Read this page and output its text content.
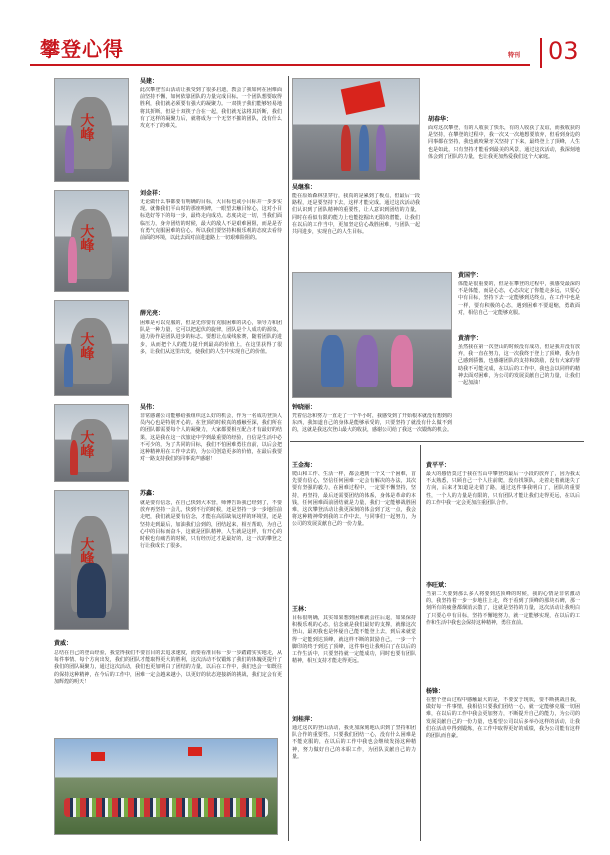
攀登心得	特刊 03
大峰
吴建：
此次攀登雪山活动让我受到了很多启迪，教会了我如何在困难面前坚持不懈，如何依靠团队的力量完成目标。一个团队想要取得胜利，我们就必须要有强大的凝聚力。一双筷子我们能够轻易地将其折断，但是十双筷子合在一起，我们就无法将其折断，我们有了这样的凝聚力后，就将成为一个无坚不摧的团队，没有什么攻克不了的难关。
大峰
刘金祥：
无论做什么事都要有明确的目标，大目标也或小目标并一步步实现。就像我们平山时的那座明碑，一眼望去触目惊心，这对小目标迭好等下的每一步，最终走向成功。态度决定一切，当我们面临压力，身旁团结的时候，最大的敌人不是艰难困阻，而是是否有勇气克服困难的信心。所以我们要坚持积极乐观的态度去看待前面的环境，以此去面对前进道路上一切艰难险阻的。
大峰
薛光亮：
困难是可以克服的，但是先你要有克服困难的决心，领导力和团队是一种力量，它可以把起伏的旋律，团队是个人成功的源泉，通力协作是团队进步的标志。要想让点成线象赛，随着团队的进步，从而把个人的能力提升到最高的价值上，在这里获得了很多，让我们从这里出发，使我们的人生中实现自己的价值。
大峰
吴伟：
非常感谢公司能够给我组织这么好的机会，作为一名成功登顶人员内心也是特别开心的。在登顶的时候真的感触至深，我们所在的团队都需要每个人的凝聚力，大家都要相互配合才有最好的结果，这是我在这一次旅途中学到最重要的经验，自信是生活中必不可少的，为了共同的目标，我们不怕困难勇往直前，以后会把这种精神用在工作中去的，为公司创造更多的价值，在最后我要对一路支持我们的同事说声感谢！
大峰
苏鑫：
就是要有信念，在自己快到大本营，师傅告诉我已经到了，不要放弃再坚持一会儿，快到不行的时候，还是坚持一步一步地往前走吧，我们就是要有信念，才能在高原缺氧这样的环境里，还是坚持走到最后，加油我们会到的，团结起来，相互帮助，为自己心中的目标而奋斗，这就是团队精神，人生就是这样，有开心的时候也有痛苦的时候，只有经历过才是最好的，这一次的攀登之行让我成长了很多。
黄威：
总结在自己的登山经验，我觉得我们不要盲目的去追求速度，而要看准目标一步一步踏踏实实地走，从每件事情、每个方向出发，我们的团队才能取得更大的胜利，这次活动不仅锻炼了我们的体魄更提升了我们的团队凝聚力，通过这次活动，我们也更加明白了团结的力量，以后在工作中，我们也会一如既往的保持这种精神，在今后的工作中，困难一定会越来越小，以更好的状态迎接新的挑战，我们定会有更加辉煌的明天！
吴继淮：
能在原始森林里穿行，我真的是累到了极点，但最后一段路程，还是要坚持下去，这样才能完成。通过这次活动我们认识到了团队精神的重要性，让人意识到团结的力量，同时在看似有限的能力上也能挖掘出无限的潜能，让我们在以后的工作当中，更加坚定信心战胜困难，与团队一起共同进步，实现自己的人生目标。
钟晓丽：
凭着信念和努力一直走了一个半小时，我感受到了开始根本就没有想到的东西，我知道自己的身体是能够承受的，只要坚持了就没有什么做不到的，这就是我这次登山最大的收获，感谢公司给了我这一次锻炼的机会。
胡春华：
面对这次攀登，有的人收获了快乐，有的人收获了友谊，而我收获的是坚持，在攀登的过程中，我一次又一次地想要放弃，但看到身边的同事都在坚持，我也就咬紧牙关坚持了下来，最终登上了顶峰，人生也是如此，只有坚持才能看到最美的风景，通过这次活动，我深刻地体会到了团队的力量，也让我更加热爱我们这个大家庭。
黄国宇：
体能是很重要的，但是在攀登的过程中，我感受最深的不是体能，而是心态，心态决定了你能走多远，只要心中有目标，坚持下去一定能够到达终点，在工作中也是一样，要有积极的心态，遇到困难不要退缩，勇敢面对，相信自己一定能够克服。
黄清宇：
虽然我在第一次登山的时候没有成功，但是我并没有放弃，我一直在努力，这一次我终于登上了顶峰，我为自己感到骄傲，也感谢团队的支持和鼓励，没有大家的帮助我不可能完成，在以后的工作中，我也会以同样的精神去面对困难，为公司的发展贡献自己的力量，让我们一起加油！
王金海：
爬山和工作、生活一样，都会遇到一个又一个困难，首先要有信心，坚信任何困难一定会有解决的办法，其次要有坚强的毅力，在困难过程中，一定要不懈坚持，坚持，再坚持，最后还需要团结的体系，身体是革命的本钱，任何困难面前团结就是力量，我们一定能够战胜困难，这次攀登活动让我更深刻的体会到了这一点，我会将这种精神带到我的工作中去，与同事们一起努力，为公司的发展贡献自己的一份力量。
王林：
目标很明确，其实如果想到困难就会往后退，如果保持积极乐观的心态，信念就是我们最好的支撑，就像这次登山，最初我也是怀疑自己能不能登上去，到后来就觉得一定能到达顶峰，就这样不断的鼓励自己，一步一个脚印的终于到达了顶峰，这件事也让我明白了在以后的工作生活中，只要坚持就一定能成功，同时也要有团队精神，相互支持才能走得更远。
刘桂萍：
通过这次的登山活动，我更加深刻地认识到了坚持和团队合作的重要性，只要我们团结一心，没有什么困难是不能克服的，在以后的工作中我也会继续发扬这种精神，努力做好自己的本职工作，为团队贡献自己的力量。
黄平平：
最大的感悟莫过于我在雪山中攀登的最后一小段的放弃了，因为我太不太熟悉，只顾自己一个人往前爬，没有找领队，走着走着就迷失了方向，后来才知道是走错了路，通过这件事我明白了，团队的重要性，一个人的力量是有限的，只有团队才能让我们走得更远，在以后的工作中我一定会更加注重团队合作。
李旺斌：
当第二天要到那么多人将要到达顶峰的时候，我的心情是非常激动的，我坚持着一步一步地往上走，终于看到了顶峰的那块石碑，那一刻所有的疲惫都烟消云散了，这就是坚持的力量，这次活动让我明白了只要心中有目标，坚持不懈地努力，就一定能够实现，在以后的工作和生活中我也会保持这种精神，勇往直前。
杨锋：
在整个登山过程中感触最大的是，不要安于现状，要不断挑战自我，做好每一件事情，我相信只要我们团结一心，就一定能够克服一切困难，在以后的工作中我会更加努力，不断提升自己的能力，为公司的发展贡献自己的一份力量，也希望公司以后多举办这样的活动，让我们在活动中得到锻炼，在工作中取得更好的成绩，我为公司能有这样的团队而自豪。
